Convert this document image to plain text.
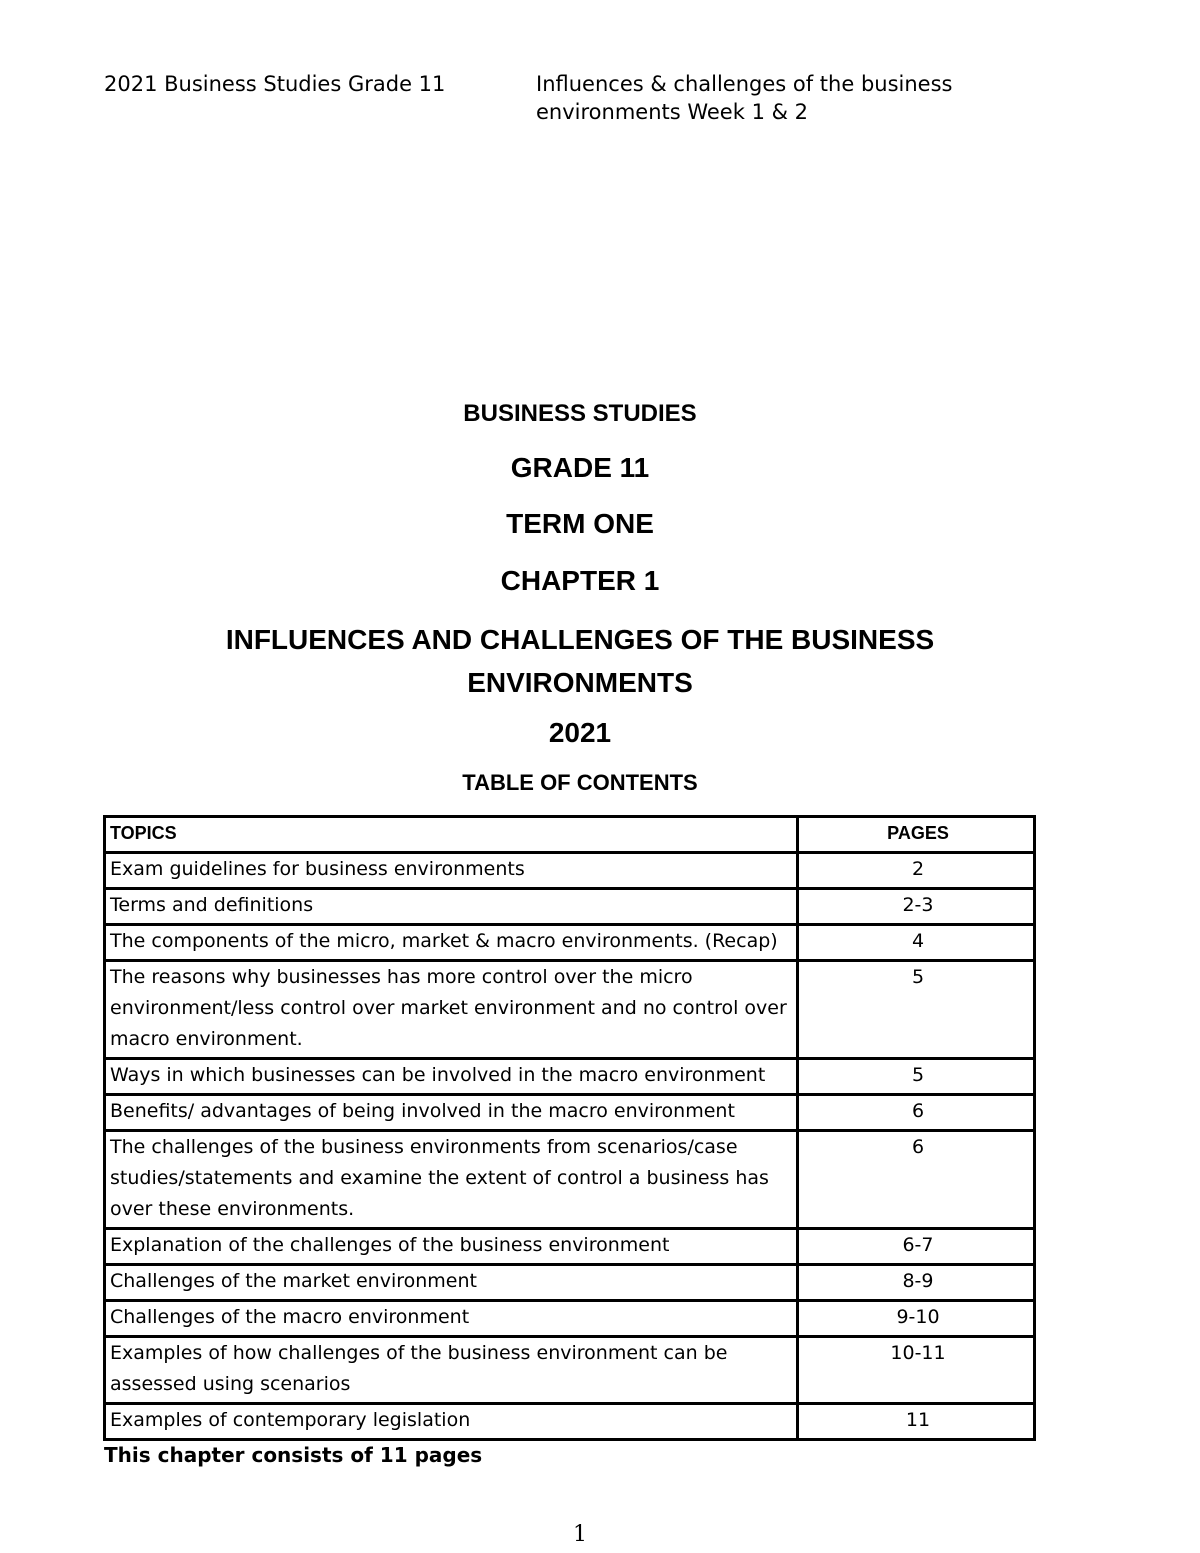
2021 Business Studies Grade 11	Influences & challenges of the business
environments Week 1 & 2
BUSINESS STUDIES
GRADE 11
TERM ONE
CHAPTER 1
INFLUENCES AND CHALLENGES OF THE BUSINESS
ENVIRONMENTS
2021
TABLE OF CONTENTS
TOPICS	PAGES
Exam guidelines for business environments	2
Terms and definitions	2-3
The components of the micro, market & macro environments. (Recap)	4
The reasons why businesses has more control over the micro environment/less control over market environment and no control over macro environment.	5
Ways in which businesses can be involved in the macro environment	5
Benefits/ advantages of being involved in the macro environment	6
The challenges of the business environments from scenarios/case studies/statements and examine the extent of control a business has over these environments.	6
Explanation of the challenges of the business environment	6-7
Challenges of the market environment	8-9
Challenges of the macro environment	9-10
Examples of how challenges of the business environment can be assessed using scenarios	10-11
Examples of contemporary legislation	11
This chapter consists of 11 pages
1
